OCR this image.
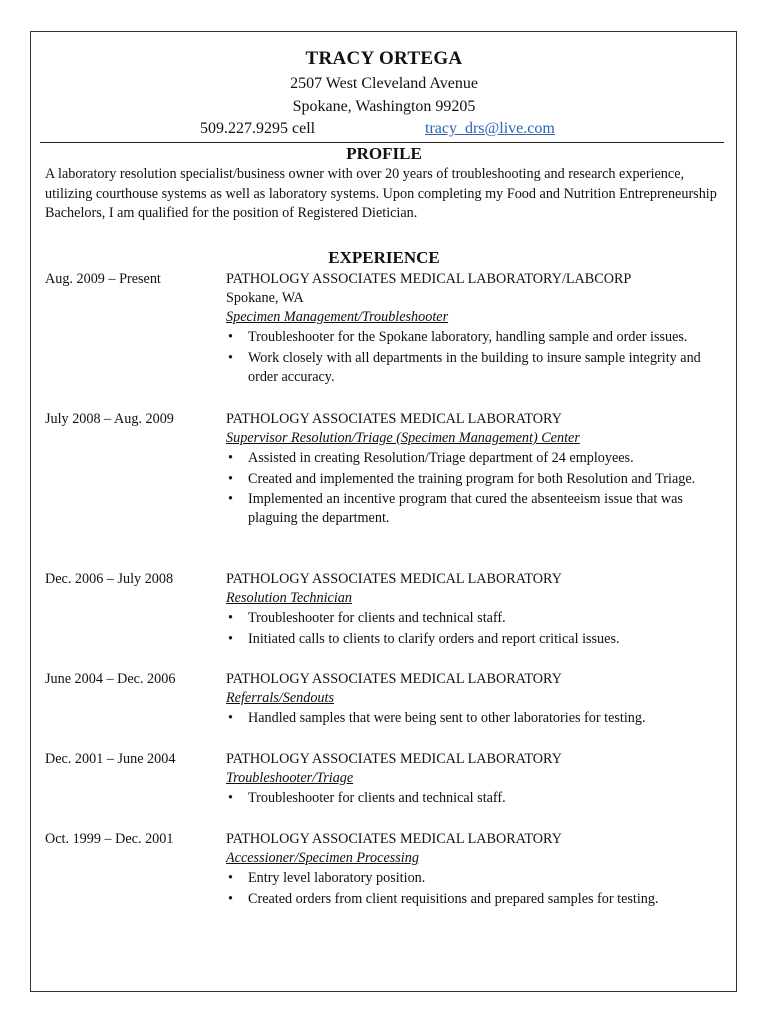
TRACY ORTEGA
2507 West Cleveland Avenue
Spokane, Washington 99205
509.227.9295 cell	tracy_drs@live.com
PROFILE
A laboratory resolution specialist/business owner with over 20 years of troubleshooting and research experience, utilizing courthouse systems as well as laboratory systems. Upon completing my Food and Nutrition Entrepreneurship Bachelors, I am qualified for the position of Registered Dietician.
EXPERIENCE
Aug. 2009 – Present	PATHOLOGY ASSOCIATES MEDICAL LABORATORY/LABCORP
Spokane, WA
Specimen Management/Troubleshooter
• Troubleshooter for the Spokane laboratory, handling sample and order issues.
• Work closely with all departments in the building to insure sample integrity and order accuracy.
July 2008 – Aug. 2009	PATHOLOGY ASSOCIATES MEDICAL LABORATORY
Supervisor Resolution/Triage (Specimen Management) Center
• Assisted in creating Resolution/Triage department of 24 employees.
• Created and implemented the training program for both Resolution and Triage.
• Implemented an incentive program that cured the absenteeism issue that was plaguing the department.
Dec. 2006 – July 2008	PATHOLOGY ASSOCIATES MEDICAL LABORATORY
Resolution Technician
• Troubleshooter for clients and technical staff.
• Initiated calls to clients to clarify orders and report critical issues.
June 2004 – Dec. 2006	PATHOLOGY ASSOCIATES MEDICAL LABORATORY
Referrals/Sendouts
• Handled samples that were being sent to other laboratories for testing.
Dec. 2001 – June 2004	PATHOLOGY ASSOCIATES MEDICAL LABORATORY
Troubleshooter/Triage
• Troubleshooter for clients and technical staff.
Oct. 1999 – Dec. 2001	PATHOLOGY ASSOCIATES MEDICAL LABORATORY
Accessioner/Specimen Processing
• Entry level laboratory position.
• Created orders from client requisitions and prepared samples for testing.
